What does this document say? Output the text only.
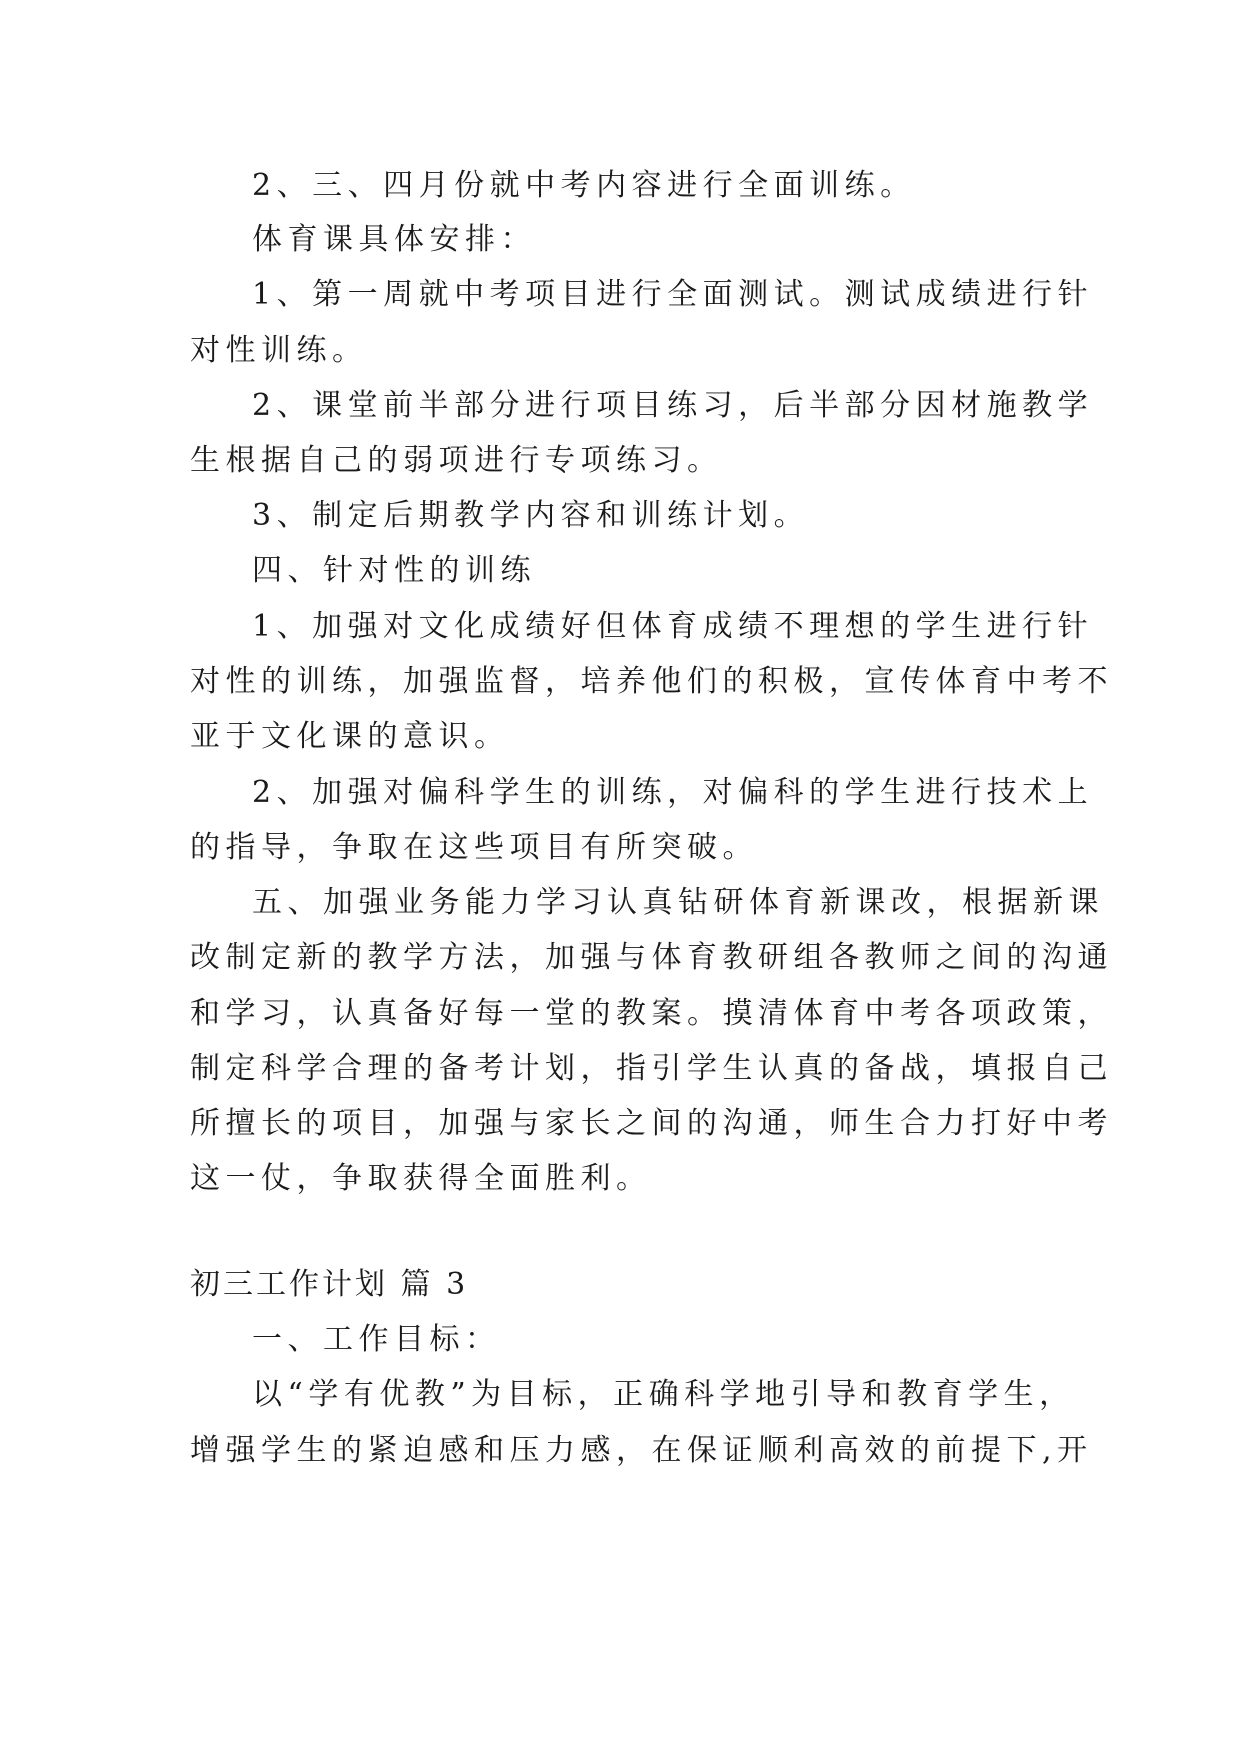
2、三、四月份就中考内容进行全面训练。
体育课具体安排：
1、第一周就中考项目进行全面测试。测试成绩进行针
对性训练。
2、课堂前半部分进行项目练习，后半部分因材施教学
生根据自己的弱项进行专项练习。
3、制定后期教学内容和训练计划。
四、针对性的训练
1、加强对文化成绩好但体育成绩不理想的学生进行针
对性的训练，加强监督，培养他们的积极，宣传体育中考不
亚于文化课的意识。
2、加强对偏科学生的训练，对偏科的学生进行技术上
的指导，争取在这些项目有所突破。
五、加强业务能力学习认真钻研体育新课改，根据新课
改制定新的教学方法，加强与体育教研组各教师之间的沟通
和学习，认真备好每一堂的教案。摸清体育中考各项政策，
制定科学合理的备考计划，指引学生认真的备战，填报自己
所擅长的项目，加强与家长之间的沟通，师生合力打好中考
这一仗，争取获得全面胜利。
初三工作计划 篇 3
一、工作目标：
以“学有优教”为目标，正确科学地引导和教育学生，
增强学生的紧迫感和压力感，在保证顺利高效的前提下,开
